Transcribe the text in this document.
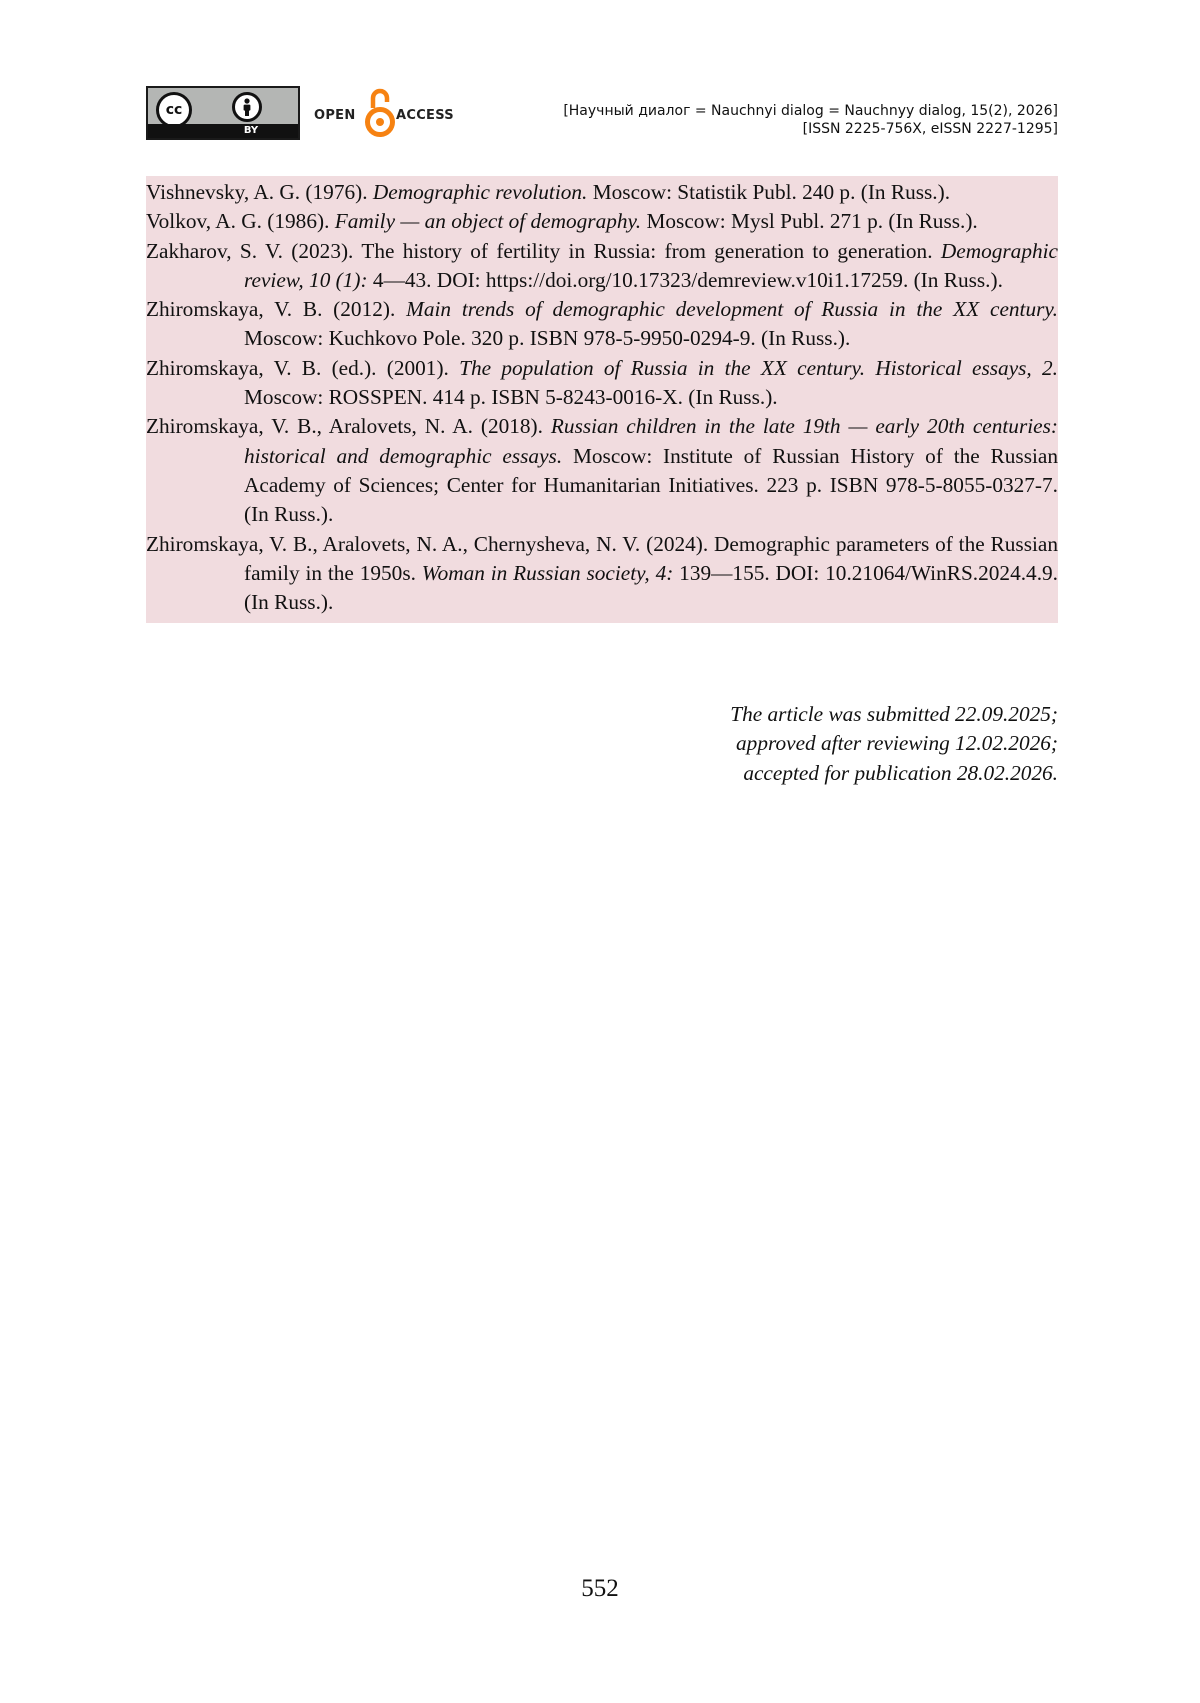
cc
BY
OPEN	ACCESS	[Научный диалог = Nauchnyi dialog = Nauchnyy dialog, 15(2), 2026]
[ISSN 2225-756X, eISSN 2227-1295]
Vishnevsky, A. G. (1976). Demographic revolution. Moscow: Statistik Publ. 240 p. (In Russ.).
Volkov, A. G. (1986). Family — an object of demography. Moscow: Mysl Publ. 271 p. (In Russ.).
Zakharov, S. V. (2023). The history of fertility in Russia: from generation to generation. Demographic review, 10 (1): 4—43. DOI: https://doi.org/10.17323/demreview.v10i1.17259. (In Russ.).
Zhiromskaya, V. B. (2012). Main trends of demographic development of Russia in the XX century. Moscow: Kuchkovo Pole. 320 p. ISBN 978-5-9950-0294-9. (In Russ.).
Zhiromskaya, V. B. (ed.). (2001). The population of Russia in the XX century. Historical essays, 2. Moscow: ROSSPEN. 414 p. ISBN 5-8243-0016-X. (In Russ.).
Zhiromskaya, V. B., Aralovets, N. A. (2018). Russian children in the late 19th — early 20th centuries: historical and demographic essays. Moscow: Institute of Russian History of the Russian Academy of Sciences; Center for Humanitarian Initiatives. 223 p. ISBN 978-5-8055-0327-7. (In Russ.).
Zhiromskaya, V. B., Aralovets, N. A., Chernysheva, N. V. (2024). Demographic parameters of the Russian family in the 1950s. Woman in Russian society, 4: 139—155. DOI: 10.21064/WinRS.2024.4.9. (In Russ.).
The article was submitted 22.09.2025;
approved after reviewing 12.02.2026;
accepted for publication 28.02.2026.
552
